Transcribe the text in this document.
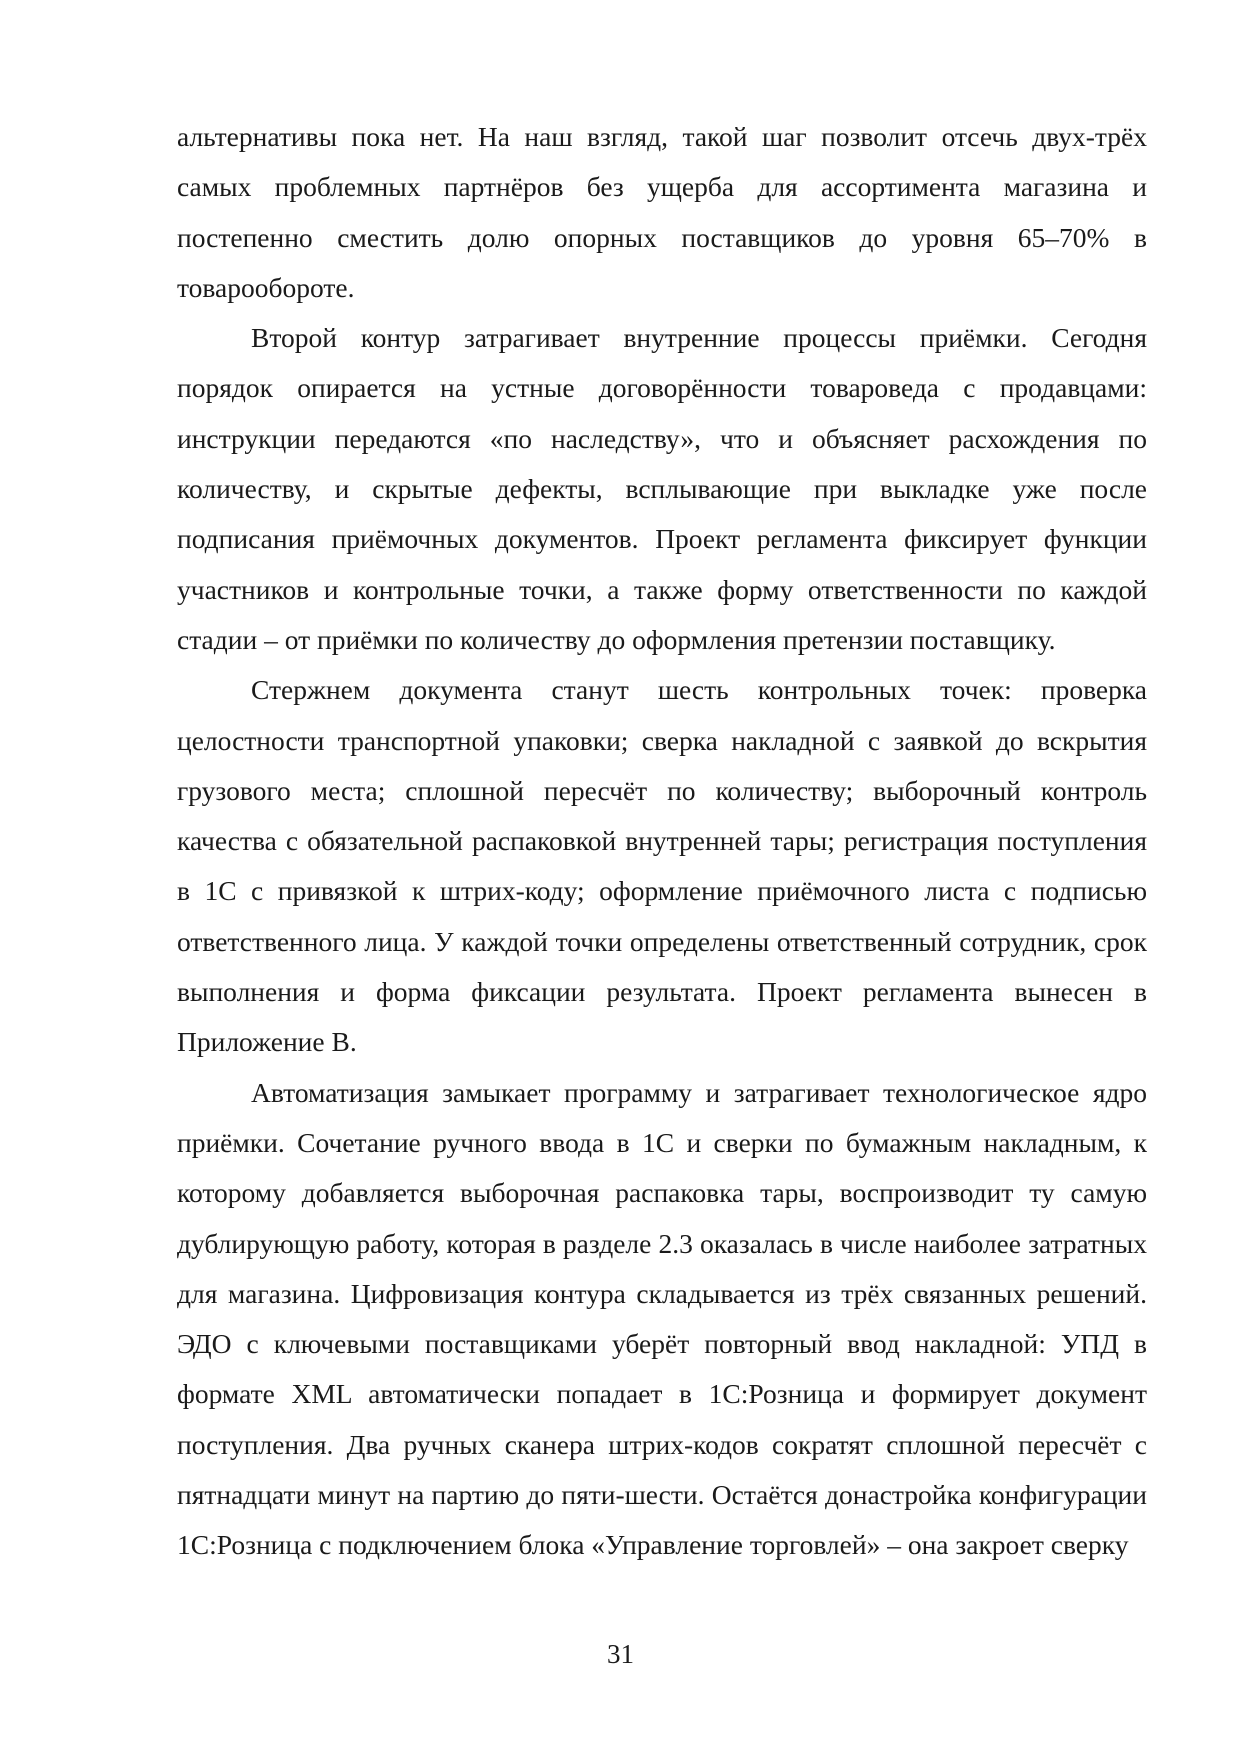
альтернативы пока нет. На наш взгляд, такой шаг позволит отсечь двух-трёх самых проблемных партнёров без ущерба для ассортимента магазина и постепенно сместить долю опорных поставщиков до уровня 65–70% в товарообороте.

Второй контур затрагивает внутренние процессы приёмки. Сегодня порядок опирается на устные договорённости товароведа с продавцами: инструкции передаются «по наследству», что и объясняет расхождения по количеству, и скрытые дефекты, всплывающие при выкладке уже после подписания приёмочных документов. Проект регламента фиксирует функции участников и контрольные точки, а также форму ответственности по каждой стадии – от приёмки по количеству до оформления претензии поставщику.

Стержнем документа станут шесть контрольных точек: проверка целостности транспортной упаковки; сверка накладной с заявкой до вскрытия грузового места; сплошной пересчёт по количеству; выборочный контроль качества с обязательной распаковкой внутренней тары; регистрация поступления в 1С с привязкой к штрих-коду; оформление приёмочного листа с подписью ответственного лица. У каждой точки определены ответственный сотрудник, срок выполнения и форма фиксации результата. Проект регламента вынесен в Приложение В.

Автоматизация замыкает программу и затрагивает технологическое ядро приёмки. Сочетание ручного ввода в 1С и сверки по бумажным накладным, к которому добавляется выборочная распаковка тары, воспроизводит ту самую дублирующую работу, которая в разделе 2.3 оказалась в числе наиболее затратных для магазина. Цифровизация контура складывается из трёх связанных решений. ЭДО с ключевыми поставщиками уберёт повторный ввод накладной: УПД в формате XML автоматически попадает в 1С:Розница и формирует документ поступления. Два ручных сканера штрих-кодов сократят сплошной пересчёт с пятнадцати минут на партию до пяти-шести. Остаётся донастройка конфигурации 1С:Розница с подключением блока «Управление торговлей» – она закроет сверку

31
